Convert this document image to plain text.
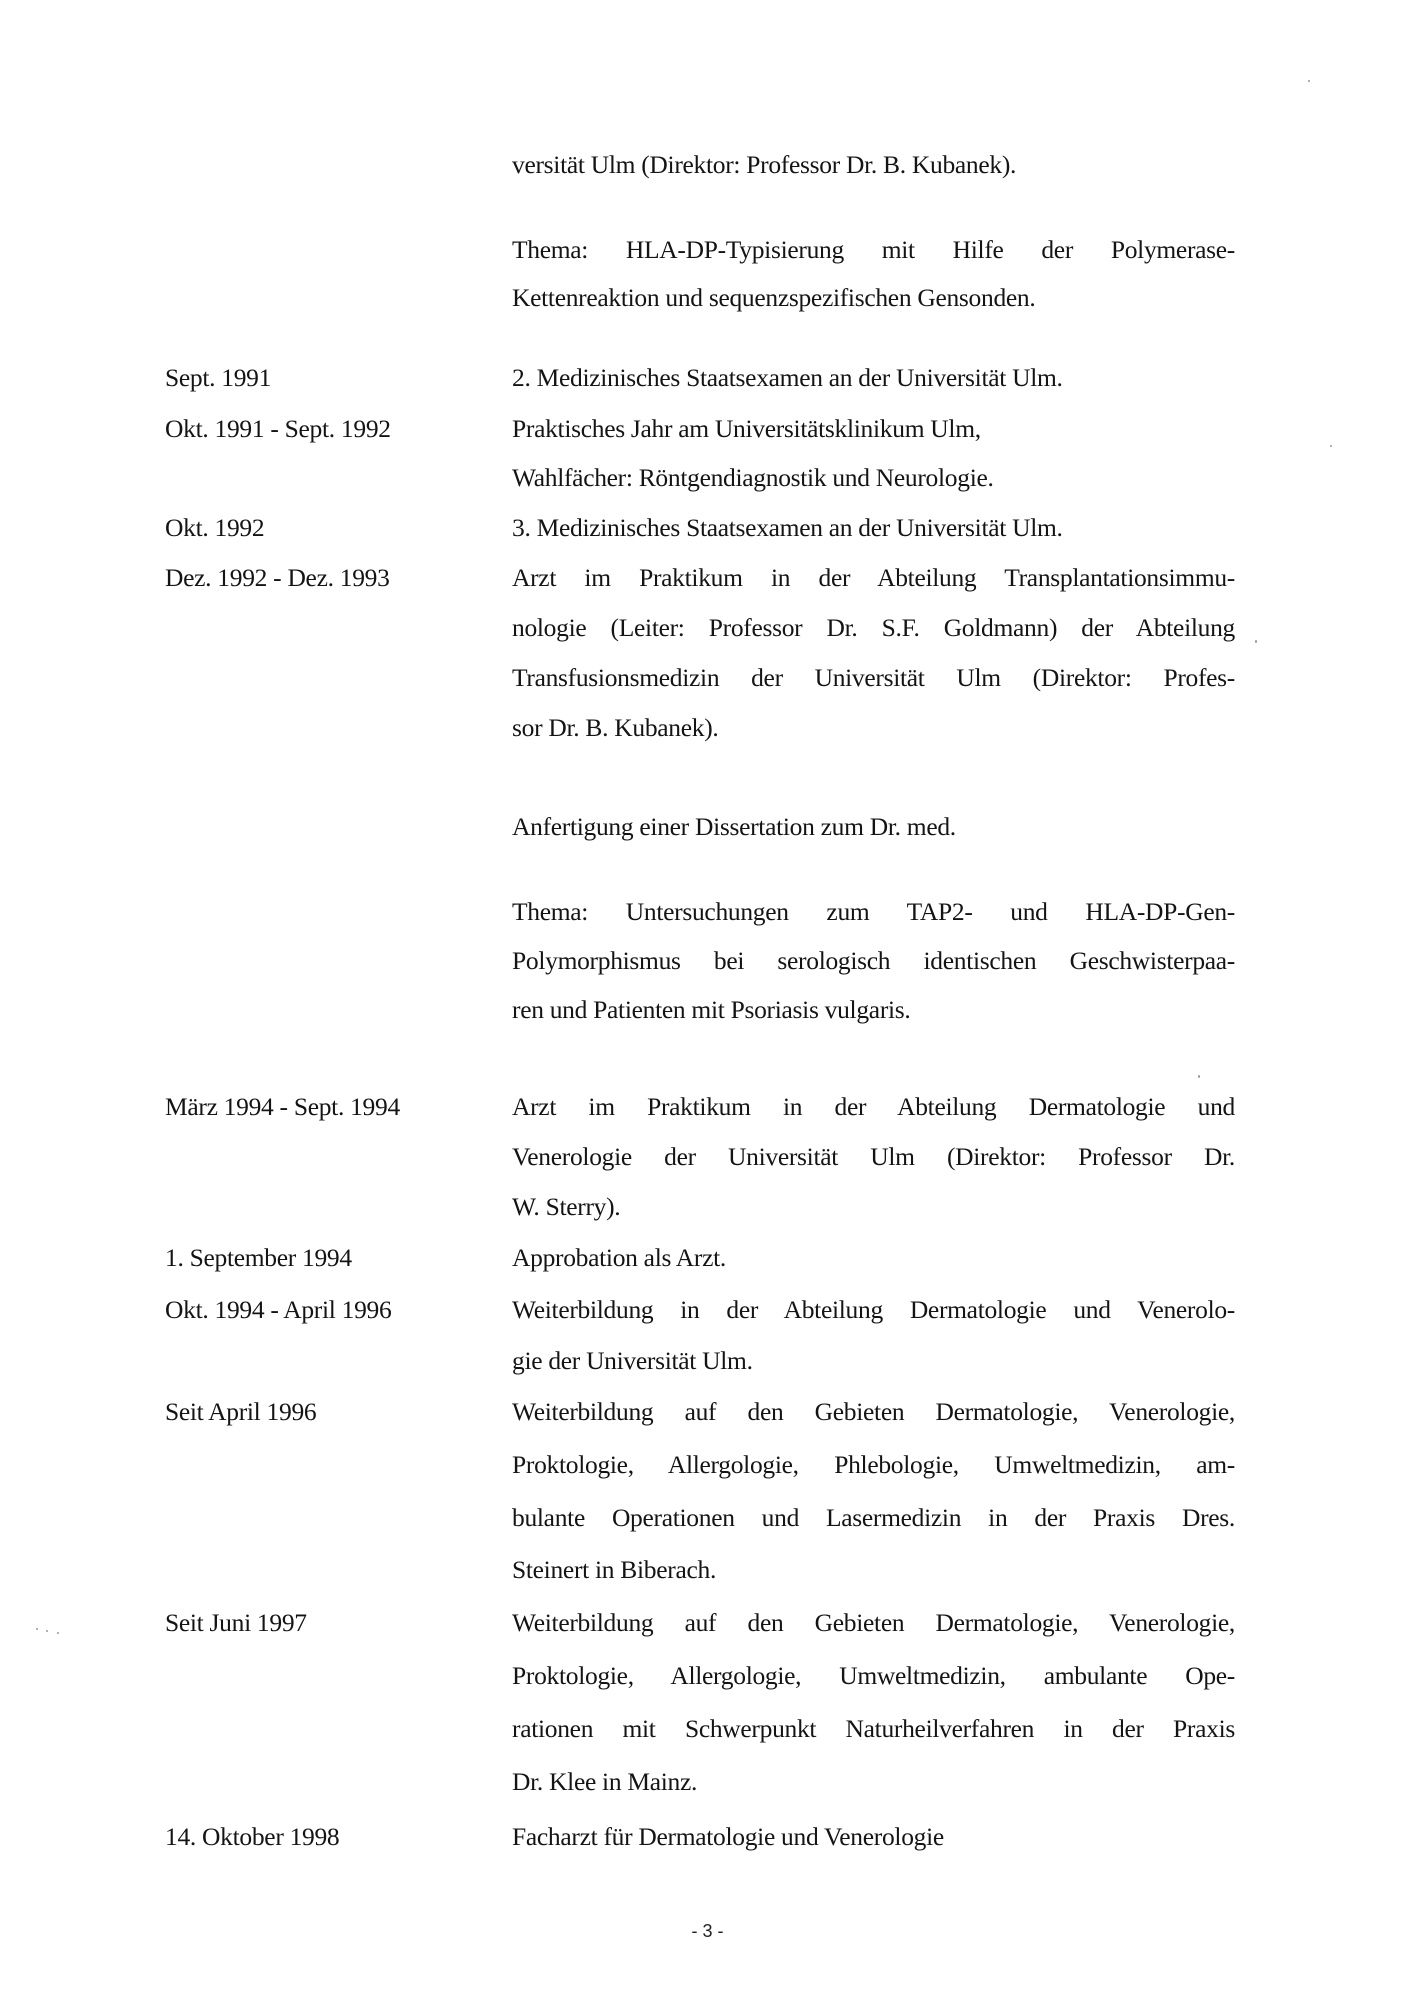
versität Ulm (Direktor: Professor Dr. B. Kubanek).
Thema: HLA-DP-Typisierung mit Hilfe der Polymerase-
Kettenreaktion und sequenzspezifischen Gensonden.
Sept. 1991	2. Medizinisches Staatsexamen an der Universität Ulm.
Okt. 1991 - Sept. 1992	Praktisches Jahr am Universitätsklinikum Ulm,
Wahlfächer: Röntgendiagnostik und Neurologie.
Okt. 1992	3. Medizinisches Staatsexamen an der Universität Ulm.
Dez. 1992 - Dez. 1993	Arzt im Praktikum in der Abteilung Transplantationsimmu-
nologie (Leiter: Professor Dr. S.F. Goldmann) der Abteilung
Transfusionsmedizin der Universität Ulm (Direktor: Profes-
sor Dr. B. Kubanek).
Anfertigung einer Dissertation zum Dr. med.
Thema: Untersuchungen zum TAP2- und HLA-DP-Gen-
Polymorphismus bei serologisch identischen Geschwisterpaa-
ren und Patienten mit Psoriasis vulgaris.
März 1994 - Sept. 1994	Arzt im Praktikum in der Abteilung Dermatologie und
Venerologie der Universität Ulm (Direktor: Professor Dr.
W. Sterry).
1. September 1994	Approbation als Arzt.
Okt. 1994 - April 1996	Weiterbildung in der Abteilung Dermatologie und Venerolo-
gie der Universität Ulm.
Seit April 1996	Weiterbildung auf den Gebieten Dermatologie, Venerologie,
Proktologie, Allergologie, Phlebologie, Umweltmedizin, am-
bulante Operationen und Lasermedizin in der Praxis Dres.
Steinert in Biberach.
Seit Juni 1997	Weiterbildung auf den Gebieten Dermatologie, Venerologie,
Proktologie, Allergologie, Umweltmedizin, ambulante Ope-
rationen mit Schwerpunkt Naturheilverfahren in der Praxis
Dr. Klee in Mainz.
14. Oktober 1998	Facharzt für Dermatologie und Venerologie
- 3 -
